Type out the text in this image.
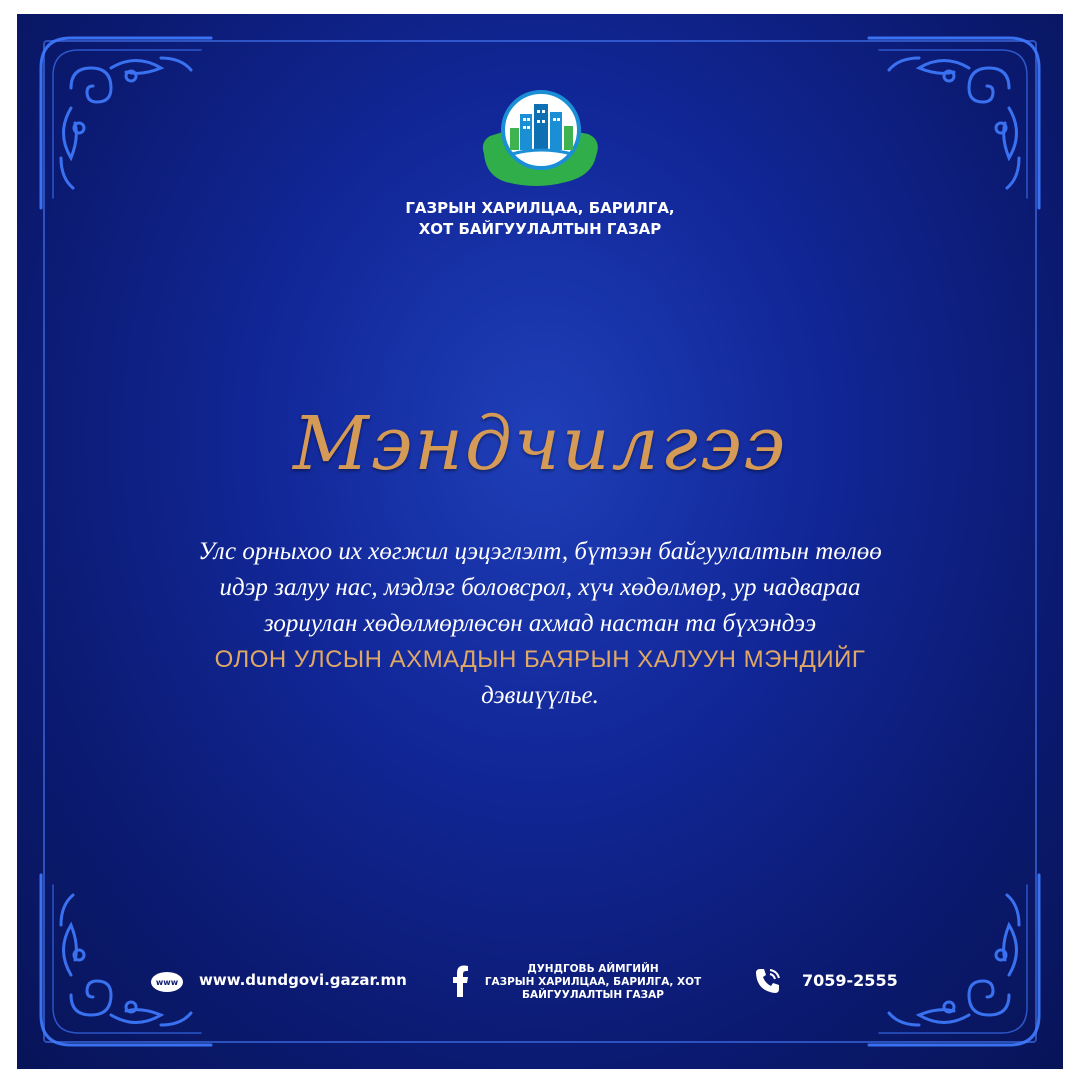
ГАЗРЫН ХАРИЛЦАА, БАРИЛГА,
ХОТ БАЙГУУЛАЛТЫН ГАЗАР
Мэндчилгээ
Улс орныхоо их хөгжил цэцэглэлт, бүтээн байгуулалтын төлөө
идэр залуу нас, мэдлэг боловсрол, хүч хөдөлмөр, ур чадвараа
зориулан хөдөлмөрлөсөн ахмад настан та бүхэндээ
ОЛОН УЛСЫН АХМАДЫН БАЯРЫН ХАЛУУН МЭНДИЙГ
дэвшүүлье.
www www.dundgovi.gazar.mn
ДУНДГОВЬ АЙМГИЙН
ГАЗРЫН ХАРИЛЦАА, БАРИЛГА, ХОТ
БАЙГУУЛАЛТЫН ГАЗАР
7059-2555
